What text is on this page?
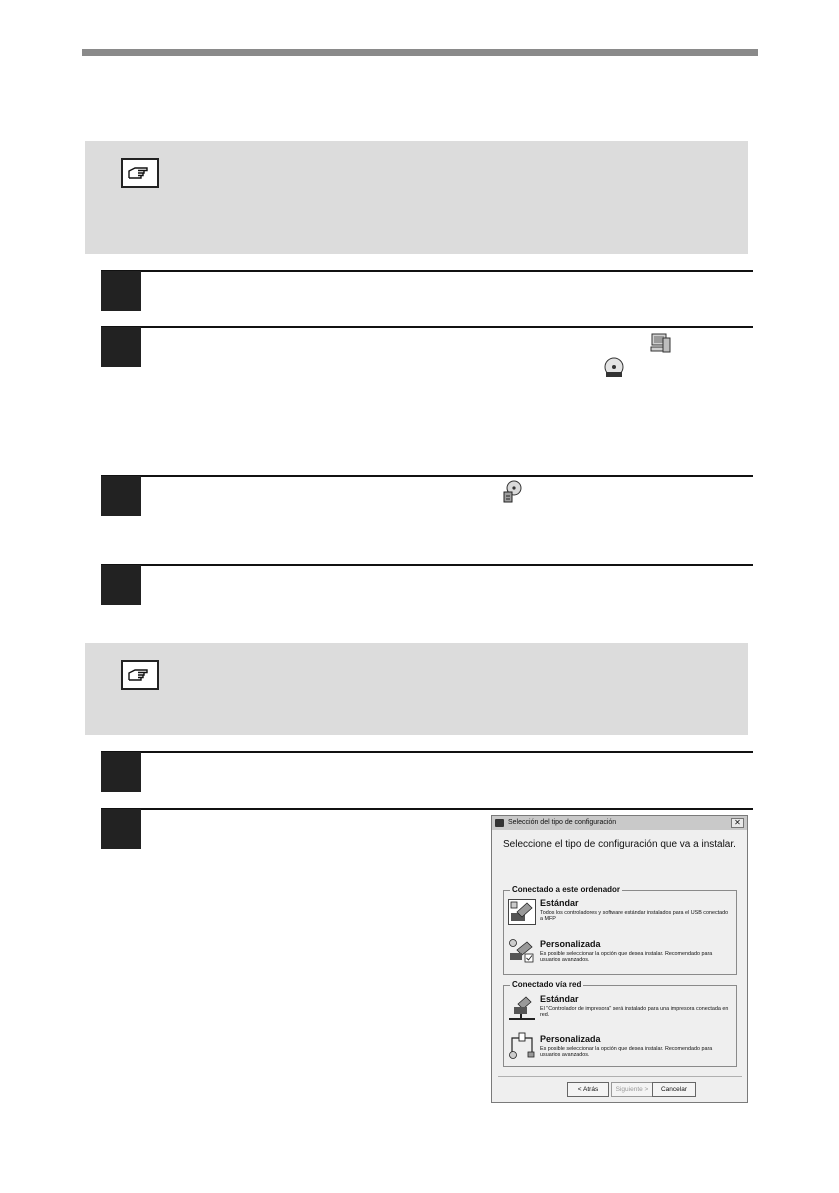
Selección del tipo de configuración	✕
Seleccione el tipo de configuración que va a instalar.
Conectado a este ordenador
Estándar
Todos los controladores y software estándar instalados para el USB conectado a MFP
Personalizada
Es posible seleccionar la opción que desea instalar. Recomendado para usuarios avanzados.
Conectado vía red
Estándar
El "Controlador de impresora" será instalado para una impresora conectada en red.
Personalizada
Es posible seleccionar la opción que desea instalar. Recomendado para usuarios avanzados.
< Atrás	Siguiente >	Cancelar
